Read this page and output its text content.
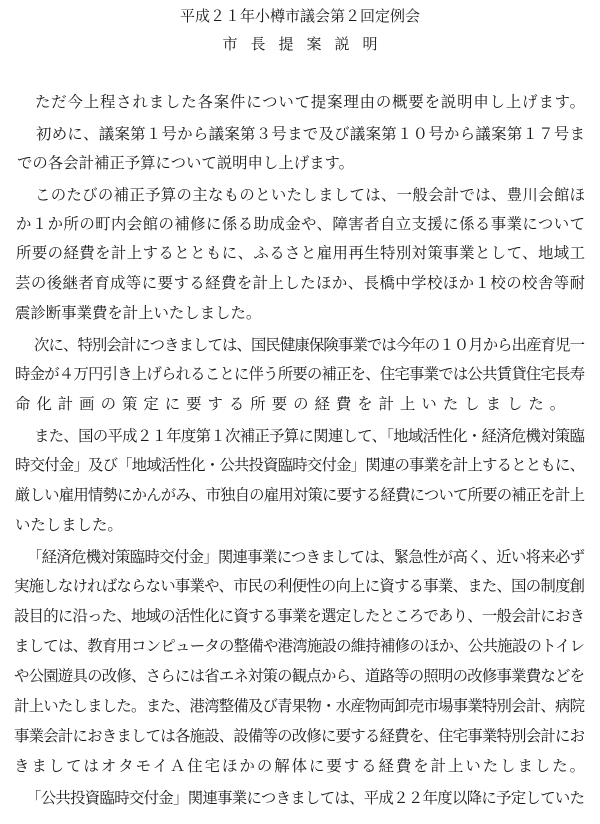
平成２１年小樽市議会第２回定例会
市長提案説明
ただ今上程されました各案件について提案理由の概要を説明申し上げます。
初めに、議案第１号から議案第３号まで及び議案第１０号から議案第１７号ま
での各会計補正予算について説明申し上げます。
このたびの補正予算の主なものといたしましては、一般会計では、豊川会館ほ
か１か所の町内会館の補修に係る助成金や、障害者自立支援に係る事業について
所要の経費を計上するとともに、ふるさと雇用再生特別対策事業として、地域工
芸の後継者育成等に要する経費を計上したほか、長橋中学校ほか１校の校舎等耐
震診断事業費を計上いたしました。
次に、特別会計につきましては、国民健康保険事業では今年の１０月から出産育児一
時金が４万円引き上げられることに伴う所要の補正を、住宅事業では公共賃貸住宅長寿
命化計画の策定に要する所要の経費を計上いたしました。
また、国の平成２１年度第１次補正予算に関連して、「地域活性化・経済危機対策臨
時交付金」及び「地域活性化・公共投資臨時交付金」関連の事業を計上するとともに、
厳しい雇用情勢にかんがみ、市独自の雇用対策に要する経費について所要の補正を計上
いたしました。
「経済危機対策臨時交付金」関連事業につきましては、緊急性が高く、近い将来必ず
実施しなければならない事業や、市民の利便性の向上に資する事業、また、国の制度創
設目的に沿った、地域の活性化に資する事業を選定したところであり、一般会計におき
ましては、教育用コンピュータの整備や港湾施設の維持補修のほか、公共施設のトイレ
や公園遊具の改修、さらには省エネ対策の観点から、道路等の照明の改修事業費などを
計上いたしました。また、港湾整備及び青果物・水産物両卸売市場事業特別会計、病院
事業会計におきましては各施設、設備等の改修に要する経費を、住宅事業特別会計にお
きましてはオタモイＡ住宅ほかの解体に要する経費を計上いたしました。
「公共投資臨時交付金」関連事業につきましては、平成２２年度以降に予定していた
